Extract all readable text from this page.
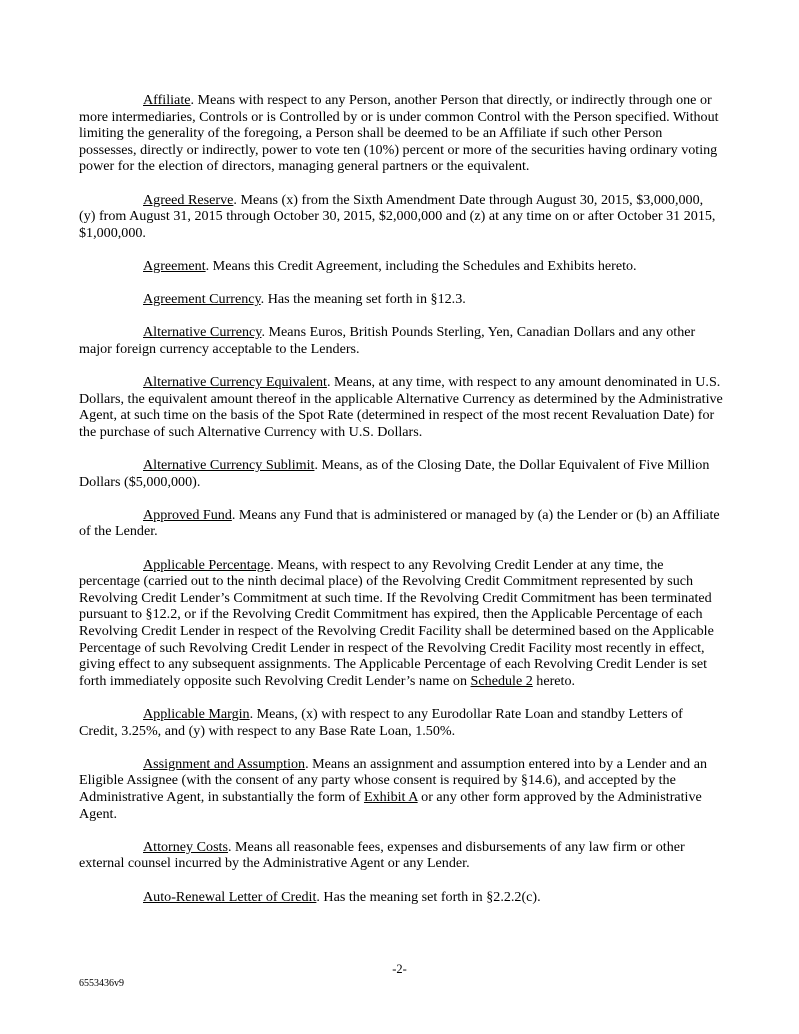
Affiliate. Means with respect to any Person, another Person that directly, or indirectly through one or more intermediaries, Controls or is Controlled by or is under common Control with the Person specified. Without limiting the generality of the foregoing, a Person shall be deemed to be an Affiliate if such other Person possesses, directly or indirectly, power to vote ten (10%) percent or more of the securities having ordinary voting power for the election of directors, managing general partners or the equivalent.

Agreed Reserve. Means (x) from the Sixth Amendment Date through August 30, 2015, $3,000,000, (y) from August 31, 2015 through October 30, 2015, $2,000,000 and (z) at any time on or after October 31 2015, $1,000,000.

Agreement. Means this Credit Agreement, including the Schedules and Exhibits hereto.

Agreement Currency. Has the meaning set forth in §12.3.

Alternative Currency. Means Euros, British Pounds Sterling, Yen, Canadian Dollars and any other major foreign currency acceptable to the Lenders.

Alternative Currency Equivalent. Means, at any time, with respect to any amount denominated in U.S. Dollars, the equivalent amount thereof in the applicable Alternative Currency as determined by the Administrative Agent, at such time on the basis of the Spot Rate (determined in respect of the most recent Revaluation Date) for the purchase of such Alternative Currency with U.S. Dollars.

Alternative Currency Sublimit. Means, as of the Closing Date, the Dollar Equivalent of Five Million Dollars ($5,000,000).

Approved Fund. Means any Fund that is administered or managed by (a) the Lender or (b) an Affiliate of the Lender.

Applicable Percentage. Means, with respect to any Revolving Credit Lender at any time, the percentage (carried out to the ninth decimal place) of the Revolving Credit Commitment represented by such Revolving Credit Lender’s Commitment at such time. If the Revolving Credit Commitment has been terminated pursuant to §12.2, or if the Revolving Credit Commitment has expired, then the Applicable Percentage of each Revolving Credit Lender in respect of the Revolving Credit Facility shall be determined based on the Applicable Percentage of such Revolving Credit Lender in respect of the Revolving Credit Facility most recently in effect, giving effect to any subsequent assignments. The Applicable Percentage of each Revolving Credit Lender is set forth immediately opposite such Revolving Credit Lender’s name on Schedule 2 hereto.

Applicable Margin. Means, (x) with respect to any Eurodollar Rate Loan and standby Letters of Credit, 3.25%, and (y) with respect to any Base Rate Loan, 1.50%.

Assignment and Assumption. Means an assignment and assumption entered into by a Lender and an Eligible Assignee (with the consent of any party whose consent is required by §14.6), and accepted by the Administrative Agent, in substantially the form of Exhibit A or any other form approved by the Administrative Agent.

Attorney Costs. Means all reasonable fees, expenses and disbursements of any law firm or other external counsel incurred by the Administrative Agent or any Lender.

Auto-Renewal Letter of Credit. Has the meaning set forth in §2.2.2(c).

-2-
6553436v9
